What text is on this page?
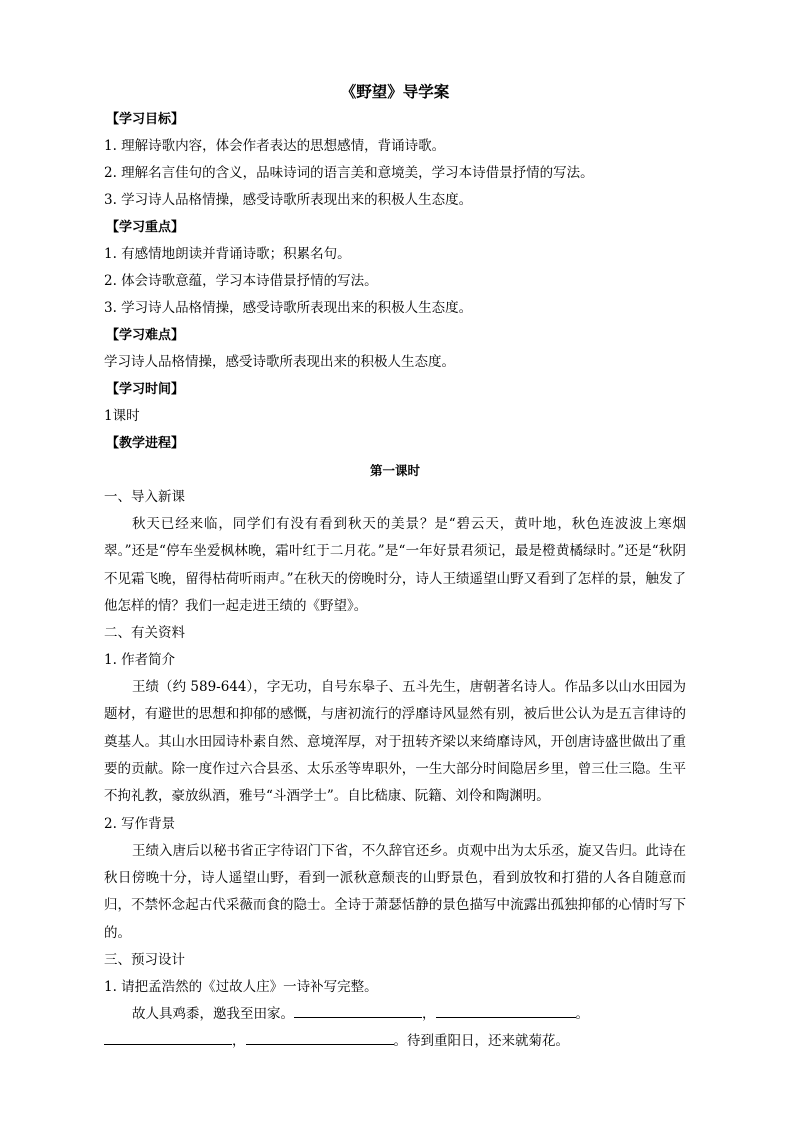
《野望》导学案

【学习目标】

1. 理解诗歌内容，体会作者表达的思想感情，背诵诗歌。

2. 理解名言佳句的含义，品味诗词的语言美和意境美，学习本诗借景抒情的写法。

3. 学习诗人品格情操，感受诗歌所表现出来的积极人生态度。

【学习重点】

1. 有感情地朗读并背诵诗歌；积累名句。

2. 体会诗歌意蕴，学习本诗借景抒情的写法。

3. 学习诗人品格情操，感受诗歌所表现出来的积极人生态度。

【学习难点】

学习诗人品格情操，感受诗歌所表现出来的积极人生态度。

【学习时间】

1课时

【教学进程】

第一课时

一、导入新课

秋天已经来临，同学们有没有看到秋天的美景？是“碧云天，黄叶地，秋色连波波上寒烟翠。”还是“停车坐爱枫林晚，霜叶红于二月花。”是“一年好景君须记，最是橙黄橘绿时。”还是“秋阴不见霜飞晚，留得枯荷听雨声。”在秋天的傍晚时分，诗人王绩遥望山野又看到了怎样的景，触发了他怎样的情？我们一起走进王绩的《野望》。

二、有关资料

1. 作者简介

王绩（约 589-644），字无功，自号东皋子、五斗先生，唐朝著名诗人。作品多以山水田园为题材，有避世的思想和抑郁的感慨，与唐初流行的浮靡诗风显然有别，被后世公认为是五言律诗的奠基人。其山水田园诗朴素自然、意境浑厚，对于扭转齐梁以来绮靡诗风，开创唐诗盛世做出了重要的贡献。除一度作过六合县丞、太乐丞等卑职外，一生大部分时间隐居乡里，曾三仕三隐。生平不拘礼教，豪放纵酒，雅号“斗酒学士”。自比嵇康、阮籍、刘伶和陶渊明。

2. 写作背景

王绩入唐后以秘书省正字待诏门下省，不久辞官还乡。贞观中出为太乐丞，旋又告归。此诗在秋日傍晚十分，诗人遥望山野，看到一派秋意颓丧的山野景色，看到放牧和打猎的人各自随意而归，不禁怀念起古代采薇而食的隐士。全诗于萧瑟恬静的景色描写中流露出孤独抑郁的心情时写下的。

三、预习设计

1. 请把孟浩然的《过故人庄》一诗补写完整。

故人具鸡黍，邀我至田家。	，	。

，	。待到重阳日，还来就菊花。
